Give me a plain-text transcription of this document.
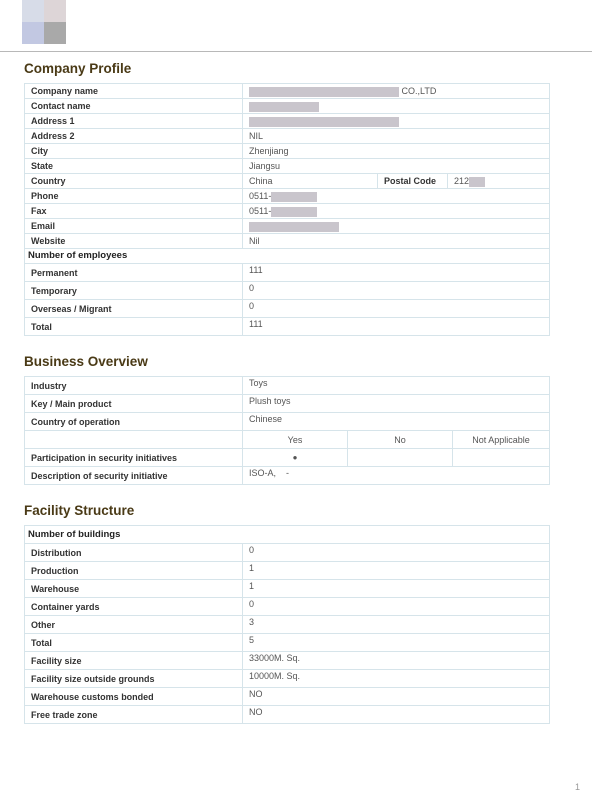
Company Profile
Company name	CO.,LTD		
Contact name			
Address 1			
Address 2	NIL		
City	Zhenjiang		
State	Jiangsu		
Country	China	Postal Code	212
Phone	0511-		
Fax	0511-		
Email			
Website	Nil		
Number of employees			
Permanent	111		
Temporary	0		
Overseas / Migrant	0		
Total	111		
Business Overview
Industry	Toys		
Key / Main product	Plush toys		
Country of operation	Chinese		
	Yes	No	Not Applicable
Participation in security initiatives	●		
Description of security initiative	ISO-A,    -		
Facility Structure
Number of buildings	
Distribution	0
Production	1
Warehouse	1
Container yards	0
Other	3
Total	5
Facility size	33000M. Sq.
Facility size outside grounds	10000M. Sq.
Warehouse customs bonded	NO
Free trade zone	NO
1
